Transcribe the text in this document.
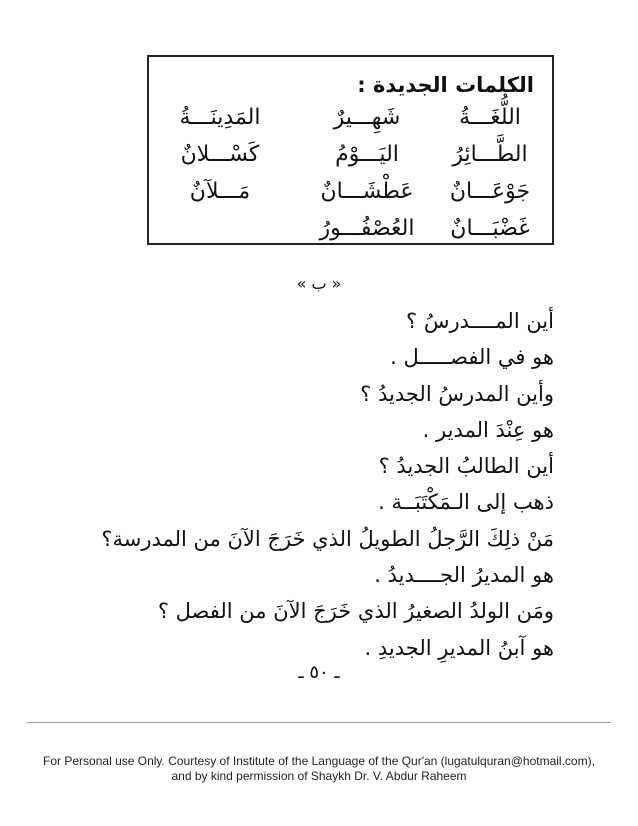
الكلمات الجديدة :
اللُّغَـــةُ
شَهِـــيرٌ
المَدِينَـــةُ
الطَّـــائِرُ
اليَـــوْمُ
كَسْـــلانٌ
جَوْعَـــانٌ
عَطْشَـــانٌ
مَـــلآنٌ
غَضْبَـــانٌ
العُصْفُـــورُ
« ب »
أين المــــدرسُ ؟
هو في الفصـــــل .
وأين المدرسُ الجديدُ ؟
هو عِنْدَ المدير .
أين الطالبُ الجديدُ ؟
ذهب إلى الـمَكْتَبَــة .
مَنْ ذلِكَ الرَّجلُ الطويلُ الذي خَرَجَ الآنَ من المدرسة؟
هو المديرُ الجــــديدُ .
ومَن الولدُ الصغيرُ الذي خَرَجَ الآنَ من الفصل ؟
هو آبنُ المديرِ الجديدِ .
ـ ٥٠ ـ
For Personal use Only. Courtesy of Institute of the Language of the Qur'an (lugatulquran@hotmail.com),
and by kind permission of Shaykh Dr. V. Abdur Raheem
